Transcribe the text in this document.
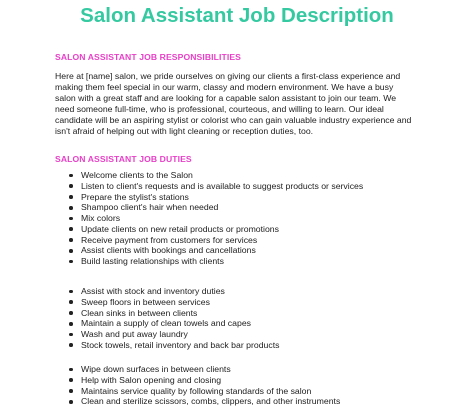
Salon Assistant Job Description
SALON ASSISTANT JOB RESPONSIBILITIES

Here at [name] salon, we pride ourselves on giving our clients a first-class experience and making them feel special in our warm, classy and modern environment. We have a busy salon with a great staff and are looking for a capable salon assistant to join our team. We need someone full-time, who is professional, courteous, and willing to learn. Our ideal candidate will be an aspiring stylist or colorist who can gain valuable industry experience and isn't afraid of helping out with light cleaning or reception duties, too.

SALON ASSISTANT JOB DUTIES
Welcome clients to the Salon
Listen to client's requests and is available to suggest products or services
Prepare the stylist's stations
Shampoo client's hair when needed
Mix colors
Update clients on new retail products or promotions
Receive payment from customers for services
Assist clients with bookings and cancellations
Build lasting relationships with clients
Assist with stock and inventory duties
Sweep floors in between services
Clean sinks in between clients
Maintain a supply of clean towels and capes
Wash and put away laundry
Stock towels, retail inventory and back bar products
Wipe down surfaces in between clients
Help with Salon opening and closing
Maintains service quality by following standards of the salon
Clean and sterilize scissors, combs, clippers, and other instruments
